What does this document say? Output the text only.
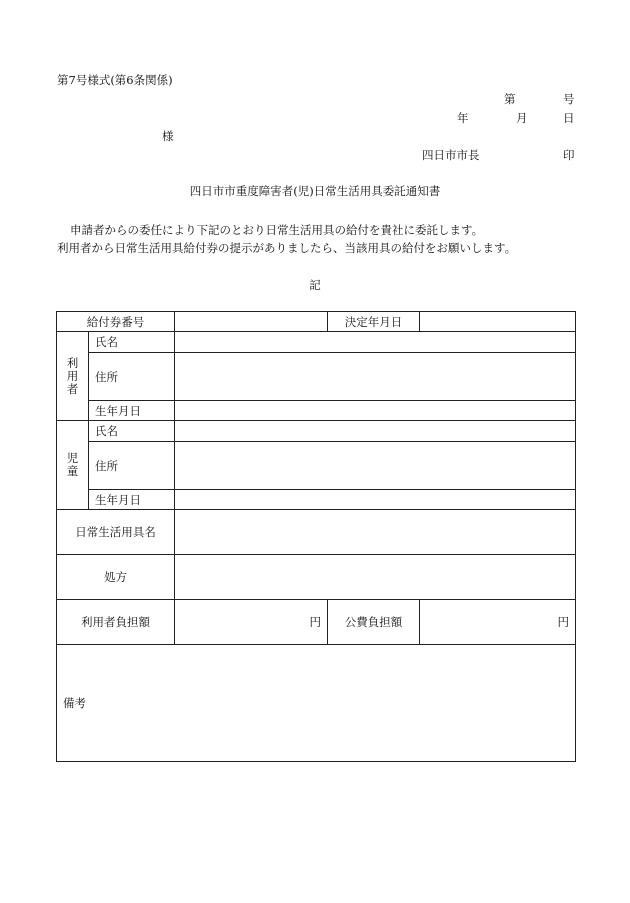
第7号様式(第6条関係)
第	号
年	月	日
様
四日市市長	印
四日市市重度障害者(児)日常生活用具委託通知書
申請者からの委任により下記のとおり日常生活用具の給付を貴社に委託します。
利用者から日常生活用具給付券の提示がありましたら、当該用具の給付をお願いします。
記
給付券番号			決定年月日	

利
用
者	氏名			
	住所			
	生年月日			

児
童	氏名			
	住所			
	生年月日			
日常生活用具名				
処方				
利用者負担額		円	公費負担額	円
備考				
